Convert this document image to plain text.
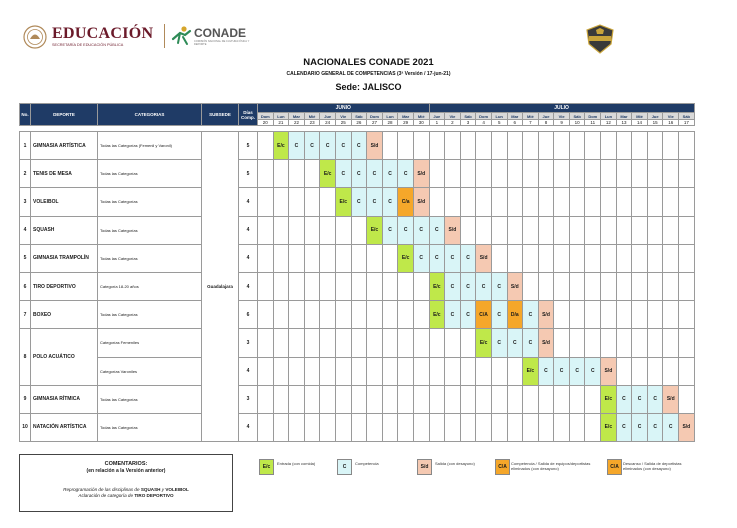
EDUCACIÓN
SECRETARÍA DE EDUCACIÓN PÚBLICA
CONADE
COMISIÓN NACIONAL DE CULTURA FÍSICA Y DEPORTE
NACIONALES CONADE 2021
CALENDARIO GENERAL DE COMPETENCIAS (3ª Versión / 17-jun-21)
Sede: JALISCO
No.	DEPORTE	CATEGORIAS	SUBSEDE	Días Comp.	JUNIO											JULIO																
					Dom	Lun	Mar	Mié	Jue	Vie	Sáb	Dom	Lun	Mar	Mié	Jue	Vie	Sáb	Dom	Lun	Mar	Mié	Jue	Vie	Sáb	Dom	Lun	Mar	Mié	Jue	Vie	Sáb
					20	21	22	23	24	25	26	27	28	29	30	1	2	3	4	5	6	7	8	9	10	11	12	13	14	15	16	17

1	GIMNASIA ARTÍSTICA	Todas las Categorías (Femenil y Varonil)	Guadalajara	5		E/c	C	C	C	C	C	S/d																				
2	TENIS DE MESA	Todas las Categorías		5					E/c	C	C	C	C	C	S/d																	
3	VOLEIBOL	Todas las Categorías		4						E/c	C	C	C	C/a	S/d																	
4	SQUASH	Todas las Categorías		4								E/c	C	C	C	C	S/d															
5	GIMNASIA TRAMPOLÍN	Todas las Categorías		4										E/c	C	C	C	C	S/d													
6	TIRO DEPORTIVO	Categoría 18-20 años		4												E/c	C	C	C	C	S/d											
7	BOXEO	Todas las Categorías		6												E/c	C	C	C/A	C	D/a	C	S/d									
8	POLO ACUÁTICO	Categorías Femeniles		3															E/c	C	C	C	S/d									
		Categorías Varoniles		4																		E/c	C	C	C	C	S/d					
9	GIMNASIA RÍTMICA	Todas las Categorías		3																							E/c	C	C	C	S/d	
10	NATACIÓN ARTÍSTICA	Todas las Categorías		4																							E/c	C	C	C	C	S/d
COMENTARIOS:
(en relación a la Versión anterior)
Reprogramación de las disciplinas de SQUASH y VOLEIBOL
Aclaración de categoría de TIRO DEPORTIVO
E/c
Entrada (con comida)
C
Competencia
S/d
Salida (con desayuno)
C/A
Competencia / Salida de equipos/deportistas eliminados (con desayuno)	C/A
Descanso / Salida de deportistas eliminados (con desayuno)
